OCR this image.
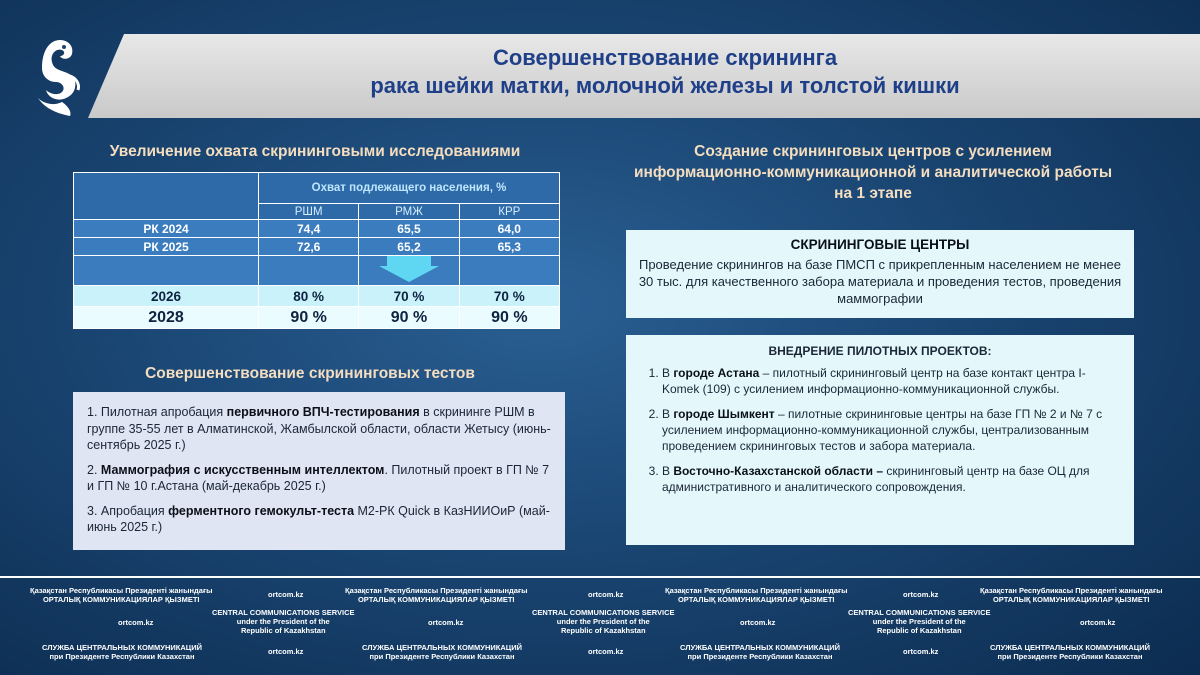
Совершенствование скрининга
рака шейки матки, молочной железы и толстой кишки
Увеличение охвата скрининговыми исследованиями
	Охват подлежащего населения, %		
	РШМ	РМЖ	КРР
РК 2024	74,4	65,5	64,0
РК 2025	72,6	65,2	65,3

2026	80 %	70 %	70 %
2028	90 %	90 %	90 %
Совершенствование скрининговых тестов

1. Пилотная апробация первичного ВПЧ-тестирования в скрининге РШМ в группе 35-55 лет в Алматинской, Жамбылской области, области Жетысу (июнь-сентябрь 2025 г.)

2. Маммография с искусственным интеллектом. Пилотный проект в ГП № 7 и ГП № 10 г.Астана (май-декабрь 2025 г.)

3. Апробация ферментного гемокульт-теста М2-РК Quick в КазНИИОиР (май-июнь 2025 г.)

Создание скрининговых центров с усилением информационно-коммуникационной и аналитической работы на 1 этапе
СКРИНИНГОВЫЕ ЦЕНТРЫ
Проведение скринингов на базе ПМСП с прикрепленным населением не менее 30 тыс. для качественного забора материала и проведения тестов, проведения маммографии
ВНЕДРЕНИЕ ПИЛОТНЫХ ПРОЕКТОВ:
1. В городе Астана – пилотный скрининговый центр на базе контакт центра I-Komek (109) с усилением информационно-коммуникационной службы.
2. В городе Шымкент – пилотные скрининговые центры на базе ГП № 2 и № 7 с усилением информационно-коммуникационной службы, централизованным проведением скрининговых тестов и забора материала.
3. В Восточно-Казахстанской области – скрининговый центр на базе ОЦ для административного и аналитического сопровождения.
Қазақстан Республикасы Президенті жанындағы
ОРТАЛЫҚ КОММУНИКАЦИЯЛАР ҚЫЗМЕТІ
ortcom.kz	Қазақстан Республикасы Президенті жанындағы
ОРТАЛЫҚ КОММУНИКАЦИЯЛАР ҚЫЗМЕТІ
ortcom.kz	Қазақстан Республикасы Президенті жанындағы
ОРТАЛЫҚ КОММУНИКАЦИЯЛАР ҚЫЗМЕТІ
ortcom.kz	Қазақстан Республикасы Президенті жанындағы
ОРТАЛЫҚ КОММУНИКАЦИЯЛАР ҚЫЗМЕТІ
ortcom.kz
CENTRAL COMMUNICATIONS SERVICE
under the President of the
Republic of Kazakhstan
ortcom.kz
CENTRAL COMMUNICATIONS SERVICE
under the President of the
Republic of Kazakhstan
ortcom.kz
CENTRAL COMMUNICATIONS SERVICE
under the President of the
Republic of Kazakhstan
ortcom.kz
СЛУЖБА ЦЕНТРАЛЬНЫХ КОММУНИКАЦИЙ
при Президенте Республики Казахстан
ortcom.kz	СЛУЖБА ЦЕНТРАЛЬНЫХ КОММУНИКАЦИЙ
при Президенте Республики Казахстан
ortcom.kz	СЛУЖБА ЦЕНТРАЛЬНЫХ КОММУНИКАЦИЙ
при Президенте Республики Казахстан
ortcom.kz	СЛУЖБА ЦЕНТРАЛЬНЫХ КОММУНИКАЦИЙ
при Президенте Республики Казахстан
